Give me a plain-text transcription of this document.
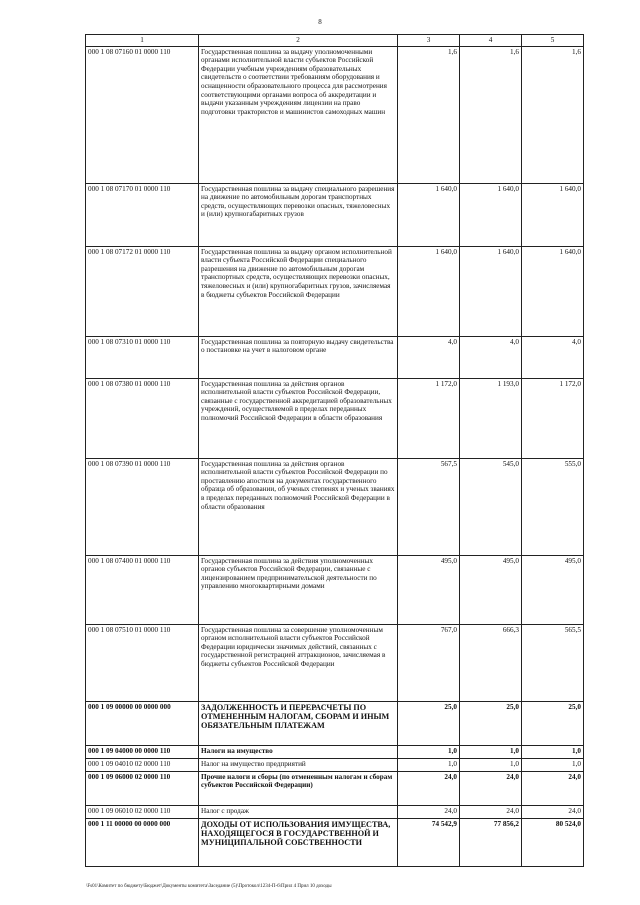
8
1	2	3	4	5
000 1 08 07160 01 0000 110	Государственная пошлина за выдачу уполномоченными органами исполнительной власти субъектов Российской Федерации учебным учреждениям образовательных свидетельств о соответствии требованиям оборудования и оснащенности образовательного процесса для рассмотрения соответствующими органами вопроса об аккредитации и выдачи указанным учреждениям лицензии на право подготовки трактористов и машинистов самоходных машин	1,6	1,6	1,6
000 1 08 07170 01 0000 110	Государственная пошлина за выдачу специального разрешения на движение по автомобильным дорогам транспортных средств, осуществляющих перевозки опасных, тяжеловесных и (или) крупногабаритных грузов	1 640,0	1 640,0	1 640,0
000 1 08 07172 01 0000 110	Государственная пошлина за выдачу органом исполнительной власти субъекта Российской Федерации специального разрешения на движение по автомобильным дорогам транспортных средств, осуществляющих перевозки опасных, тяжеловесных и (или) крупногабаритных грузов, зачисляемая в бюджеты субъектов Российской Федерации	1 640,0	1 640,0	1 640,0
000 1 08 07310 01 0000 110	Государственная пошлина за повторную выдачу свидетельства о постановке на учет в налоговом органе	4,0	4,0	4,0
000 1 08 07380 01 0000 110	Государственная пошлина за действия органов исполнительной власти субъектов Российской Федерации, связанные с государственной аккредитацией образовательных учреждений, осуществляемой в пределах переданных полномочий Российской Федерации в области образования	1 172,0	1 193,0	1 172,0
000 1 08 07390 01 0000 110	Государственная пошлина за действия органов исполнительной власти субъектов Российской Федерации по проставлению апостиля на документах государственного образца об образовании, об ученых степенях и ученых званиях в пределах переданных полномочий Российской Федерации в области образования	567,5	545,0	555,0
000 1 08 07400 01 0000 110	Государственная пошлина за действия уполномоченных органов субъектов Российской Федерации, связанные с лицензированием предпринимательской деятельности по управлению многоквартирными домами	495,0	495,0	495,0
000 1 08 07510 01 0000 110	Государственная пошлина за совершение уполномоченным органом исполнительной власти субъектов Российской Федерации юридически значимых действий, связанных с государственной регистрацией аттракционов, зачисляемая в бюджеты субъектов Российской Федерации	767,0	666,3	565,5
000 1 09 00000 00 0000 000	ЗАДОЛЖЕННОСТЬ И ПЕРЕРАСЧЕТЫ ПО ОТМЕНЕННЫМ НАЛОГАМ, СБОРАМ И ИНЫМ ОБЯЗАТЕЛЬНЫМ ПЛАТЕЖАМ	25,0	25,0	25,0
000 1 09 04000 00 0000 110	Налоги на имущество	1,0	1,0	1,0
000 1 09 04010 02 0000 110	Налог на имущество предприятий	1,0	1,0	1,0
000 1 09 06000 02 0000 110	Прочие налоги и сборы (по отмененным налогам и сборам субъектов Российской Федерации)	24,0	24,0	24,0
000 1 09 06010 02 0000 110	Налог с продаж	24,0	24,0	24,0
000 1 11 00000 00 0000 000	ДОХОДЫ ОТ ИСПОЛЬЗОВАНИЯ ИМУЩЕСТВА, НАХОДЯЩЕГОСЯ В ГОСУДАРСТВЕННОЙ И МУНИЦИПАЛЬНОЙ СОБСТВЕННОСТИ	74 542,9	77 856,2	80 524,0
\Fs01\Комитет по бюджету\Бюджет\Документы комитета\Заседание (5)\Протокол\1234-П-6\Прил 4 Прил 10 доходы
